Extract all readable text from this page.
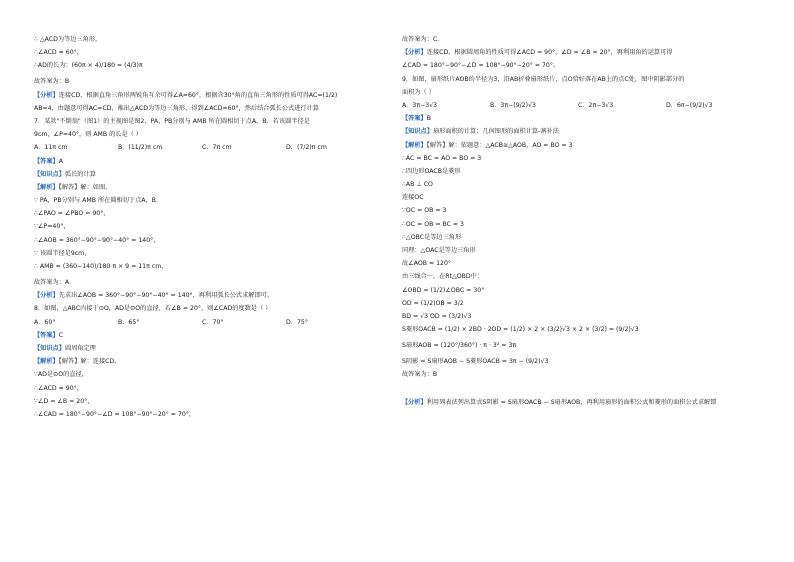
∴ △ACD为等边三角形，
∴∠ACD = 60°，
∴AD的长为：(60π × 4)/180 = (4/3)π
故答案为：B
【分析】连接CD，根据直角三角形两锐角互余可得∠A=60°，根据含30°角的直角三角形的性质可得AC=(1/2)
AB=4，由题意可得AC=CD，推出△ACD为等边三角形，得到∠ACD=60°，然后结合弧长公式进行计算
7．某款"不倒翁"（图1）的主视图是图2，PA，PB分别与 AMB 所在圆相切于点A，B．若该圆半径是
9cm，∠P=40°，则 AMB 的长是（ ）
A．11π cm	B．(11/2)π cm	C．7π cm	D．(7/2)π cm
【答案】A
【知识点】弧长的计算
【解析】【解答】解：如图，
∵ PA，PB分别与 AMB 所在圆相切于点A，B．
∴∠PAO = ∠PBO = 90°，
∵∠P=40°，
∴∠AOB = 360°−90°−90°−40° = 140°，
∵ 该圆半径是9cm，
∴ AMB = (360−140)/180 π × 9 = 11π cm，
故答案为：A．
【分析】先求出∠AOB = 360°−90°−90°−40° = 140°，再利用弧长公式求解即可。
8．如图，△ABC内接于⊙O，AD是⊙O的直径，若∠B = 20°，则∠CAD的度数是（ ）
A．60°	B．65°	C．70°	D．75°
【答案】C
【知识点】圆周角定理
【解析】【解答】解：连接CD，
∵AD是⊙O的直径，
∴∠ACD = 90°，
∵∠D = ∠B = 20°，
∴∠CAD = 180°−90°−∠D = 108°−90°−20° = 70°，
故答案为：C．
【分析】连接CD，根据圆周角的性质可得∠ACD = 90°，∠D = ∠B = 20°，再利用角的运算可得
∠CAD = 180°−90°−∠D = 108°−90°−20° = 70°。
9．如图，扇形纸片AOB的半径为3，沿AB折叠扇形纸片，点O恰好落在AB上的点C处，图中阴影部分的
面积为（ ）
A．3π−3√3	B．3π−(9/2)√3	C．2π−3√3	D．6π−(9/2)√3
【答案】B
【知识点】扇形面积的计算；几何图形的面积计算-割补法
【解析】【解答】解：依题意：△ACB≅△AOB，AO = BO = 3
∴AC = BC = AO = BO = 3
∴四边形OACB是菱形
∴AB ⊥ CO
连接OC
∵OC = OB = 3
∴OC = OB = BC = 3
∴△OBC是等边三角形
同理：△OAC是等边三角形
故∠AOB = 120°
由三线合一，在Rt△OBD中：
∠OBD = (1/2)∠OBC = 30°
OD = (1/2)OB = 3/2
BD = √3 OD = (3/2)√3
S菱形OACB = (1/2) × 2BD · 2OD = (1/2) × 2 × (3/2)√3 × 2 × (3/2) = (9/2)√3
S扇形AOB = (120°/360°) · π · 3² = 3π
S阴影 = S扇形AOB − S菱形OACB = 3π − (9/2)√3
故答案为：B
【分析】利用列表法列出算式S阴影 = S扇形OACB − S扇形AOB，再利用扇形的面积公式和菱形的面积公式求解即
